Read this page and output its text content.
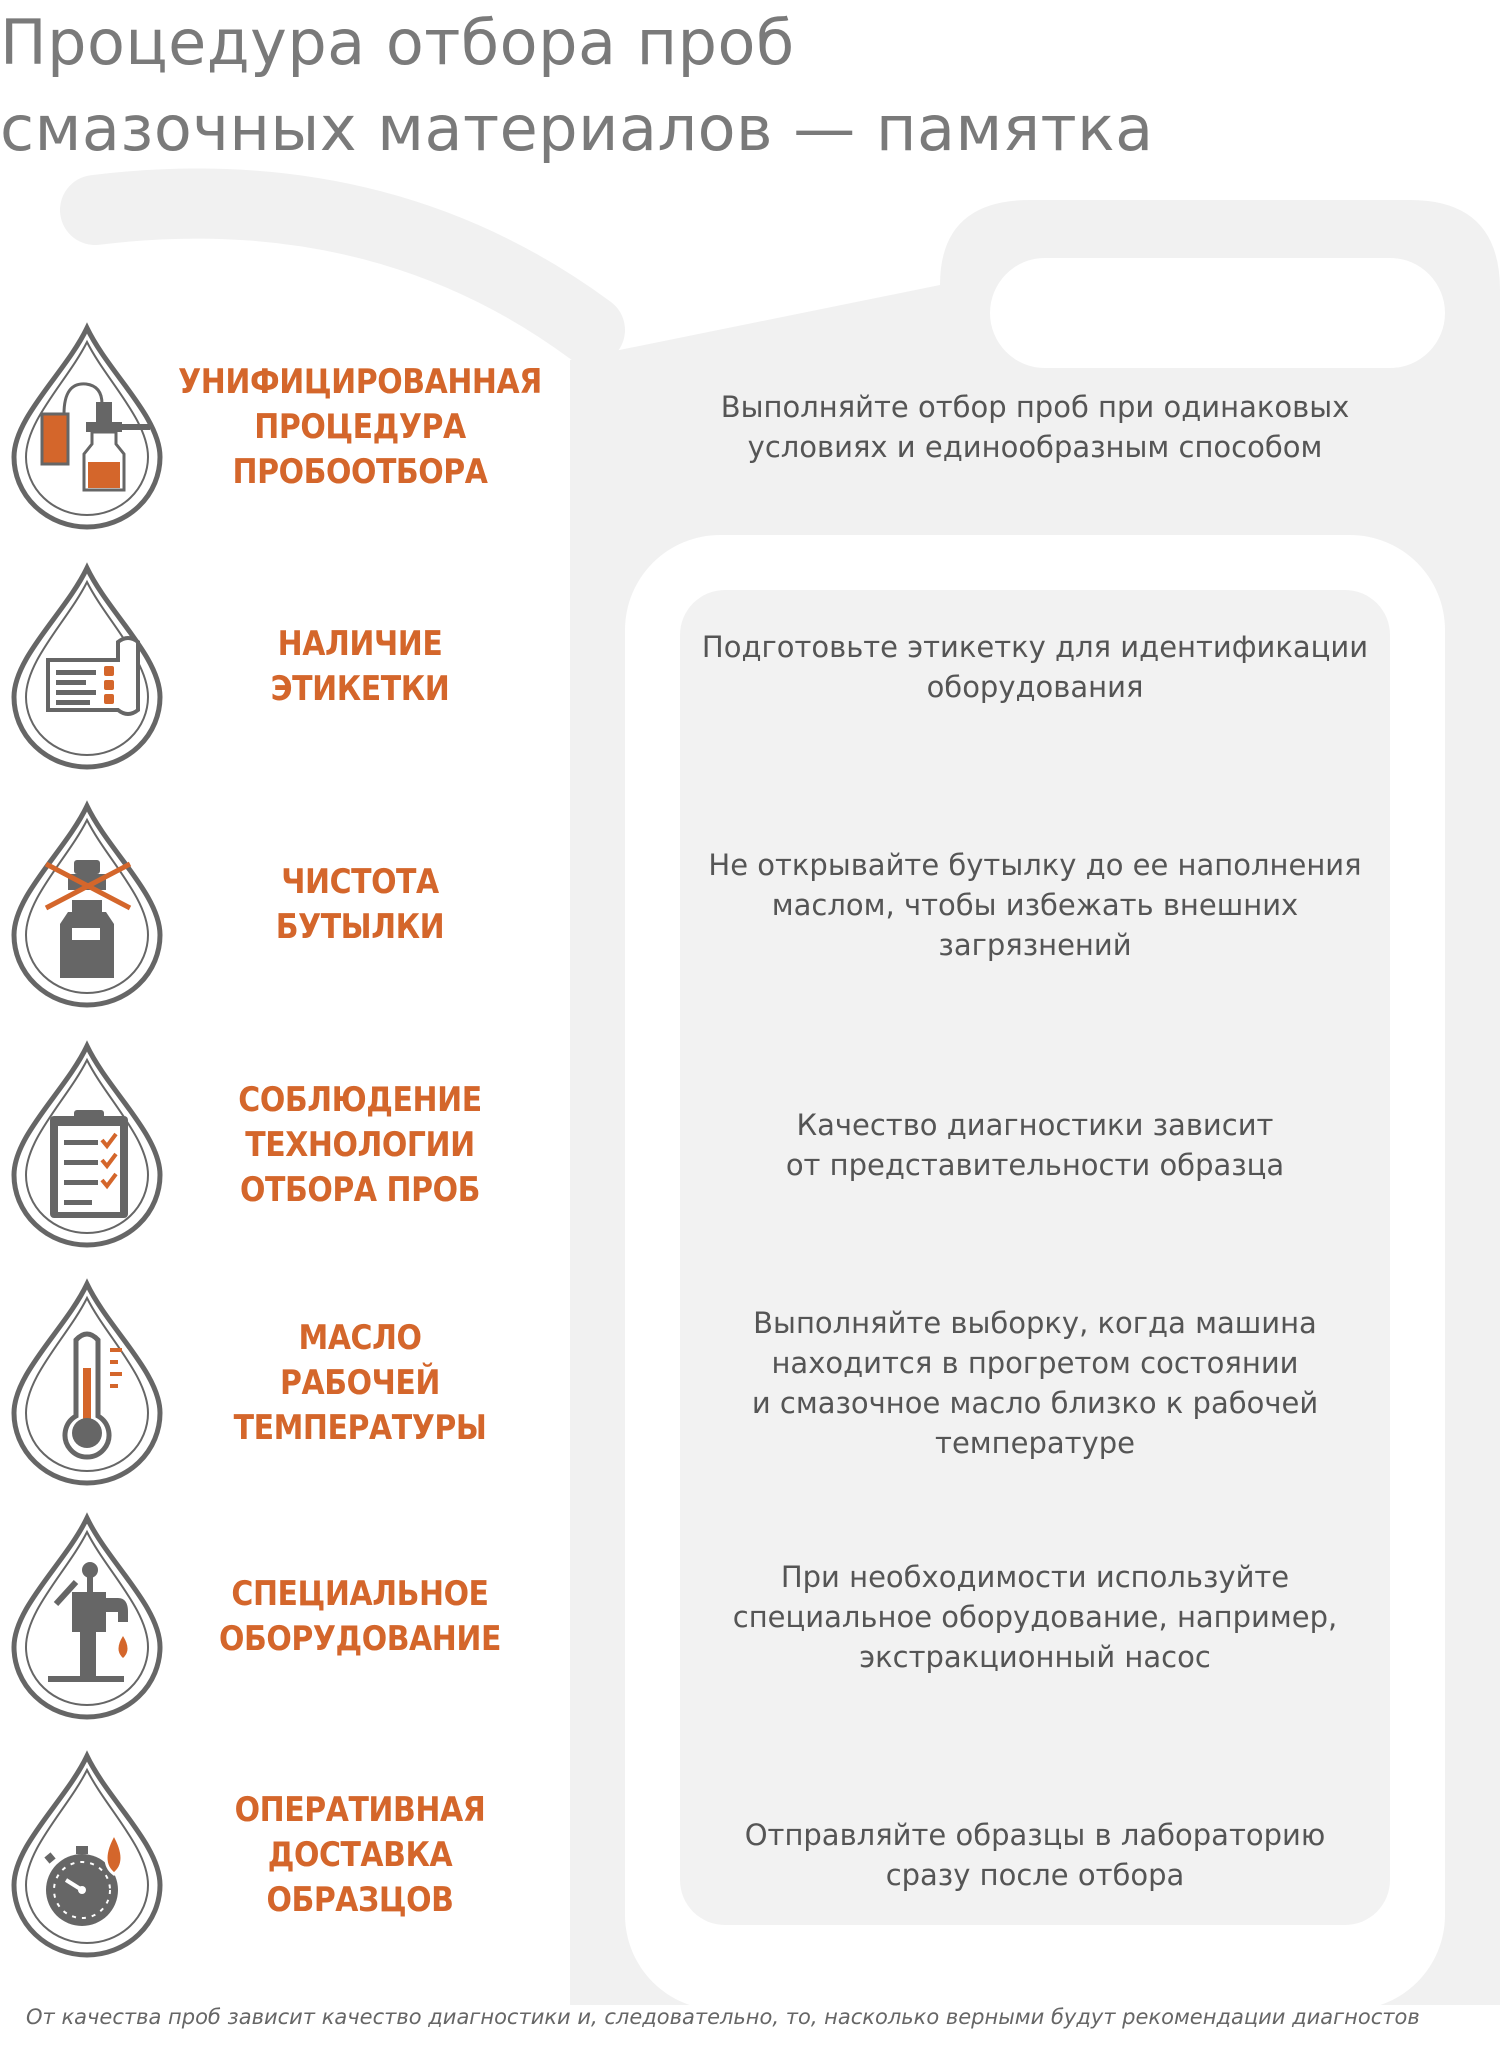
Процедура отбора проб
смазочных материалов — памятка
УНИФИЦИРОВАННАЯ
ПРОЦЕДУРА
ПРОБООТБОРА
Выполняйте отбор проб при одинаковых
условиях и единообразным способом
НАЛИЧИЕ
ЭТИКЕТКИ
Подготовьте этикетку для идентификации
оборудования
ЧИСТОТА
БУТЫЛКИ
Не открывайте бутылку до ее наполнения
маслом, чтобы избежать внешних
загрязнений
СОБЛЮДЕНИЕ
ТЕХНОЛОГИИ
ОТБОРА ПРОБ
Качество диагностики зависит
от представительности образца
МАСЛО
РАБОЧЕЙ
ТЕМПЕРАТУРЫ
Выполняйте выборку, когда машина
находится в прогретом состоянии
и смазочное масло близко к рабочей
температуре
СПЕЦИАЛЬНОЕ
ОБОРУДОВАНИЕ
При необходимости используйте
специальное оборудование, например,
экстракционный насос
ОПЕРАТИВНАЯ
ДОСТАВКА
ОБРАЗЦОВ
Отправляйте образцы в лабораторию
сразу после отбора
От качества проб зависит качество диагностики и, следовательно, то, насколько верными будут рекомендации диагностов
